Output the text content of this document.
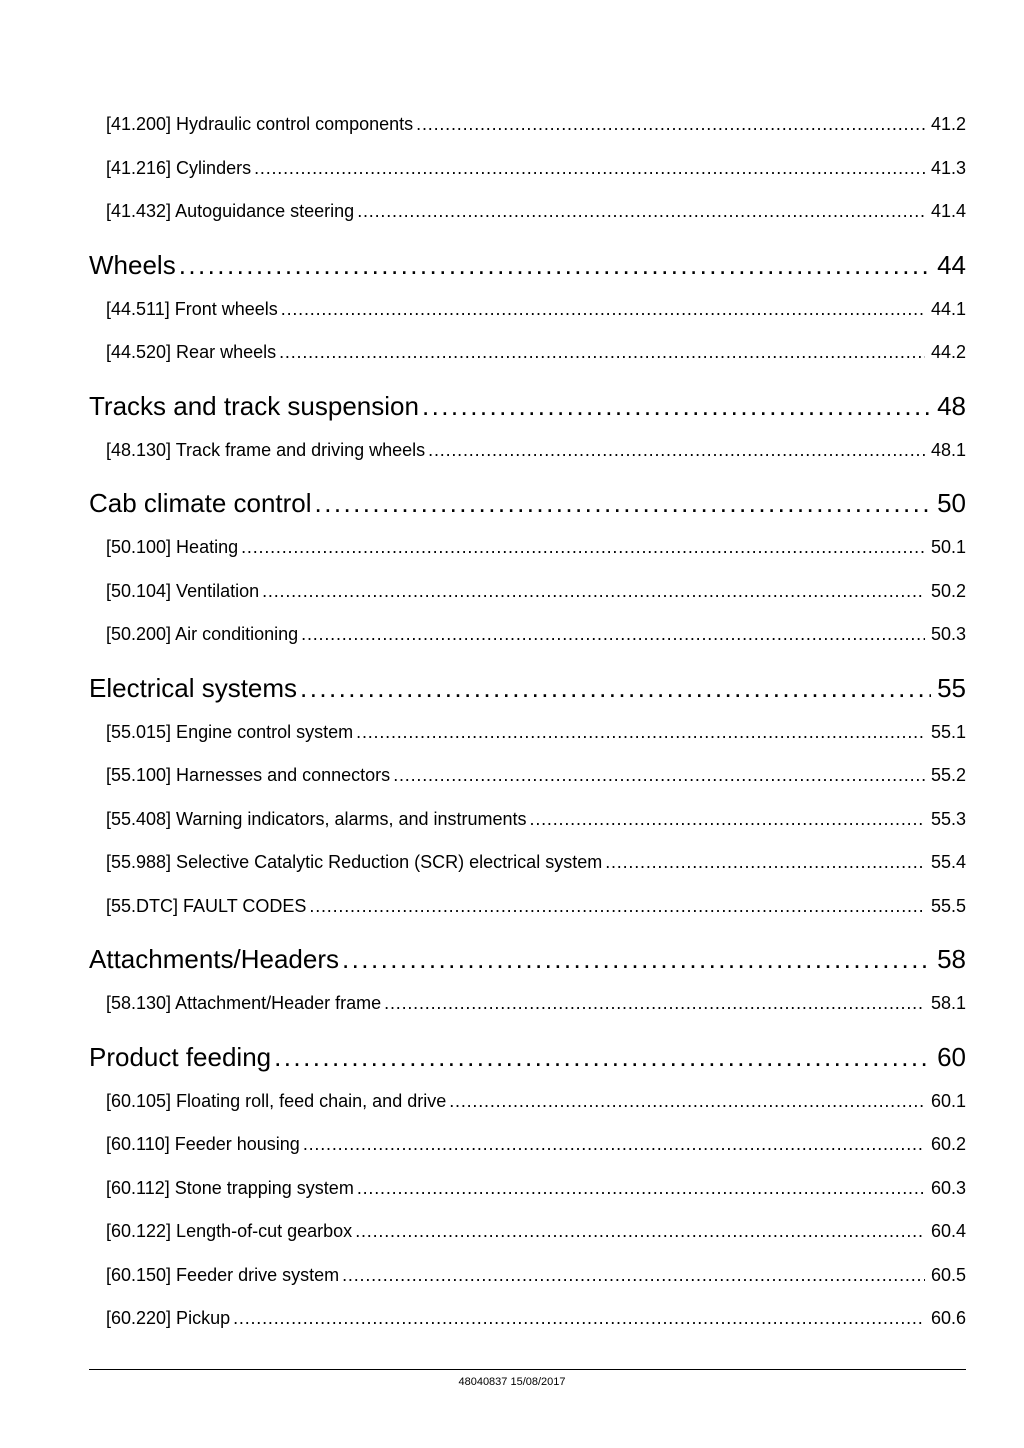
[41.200] Hydraulic control components . . .	41.2
[41.216] Cylinders . . .	41.3
[41.432] Autoguidance steering . . .	41.4
Wheels . . .	44
[44.511] Front wheels . . .	44.1
[44.520] Rear wheels . . .	44.2
Tracks and track suspension . . .	48
[48.130] Track frame and driving wheels . . .	48.1
Cab climate control . . .	50
[50.100] Heating . . .	50.1
[50.104] Ventilation . . .	50.2
[50.200] Air conditioning . . .	50.3
Electrical systems . . .	55
[55.015] Engine control system . . .	55.1
[55.100] Harnesses and connectors . . .	55.2
[55.408] Warning indicators, alarms, and instruments . . .	55.3
[55.988] Selective Catalytic Reduction (SCR) electrical system . . .	55.4
[55.DTC] FAULT CODES . . .	55.5
Attachments/Headers . . .	58
[58.130] Attachment/Header frame . . .	58.1
Product feeding . . .	60
[60.105] Floating roll, feed chain, and drive . . .	60.1
[60.110] Feeder housing . . .	60.2
[60.112] Stone trapping system . . .	60.3
[60.122] Length-of-cut gearbox . . .	60.4
[60.150] Feeder drive system . . .	60.5
[60.220] Pickup . . .	60.6
48040837 15/08/2017
